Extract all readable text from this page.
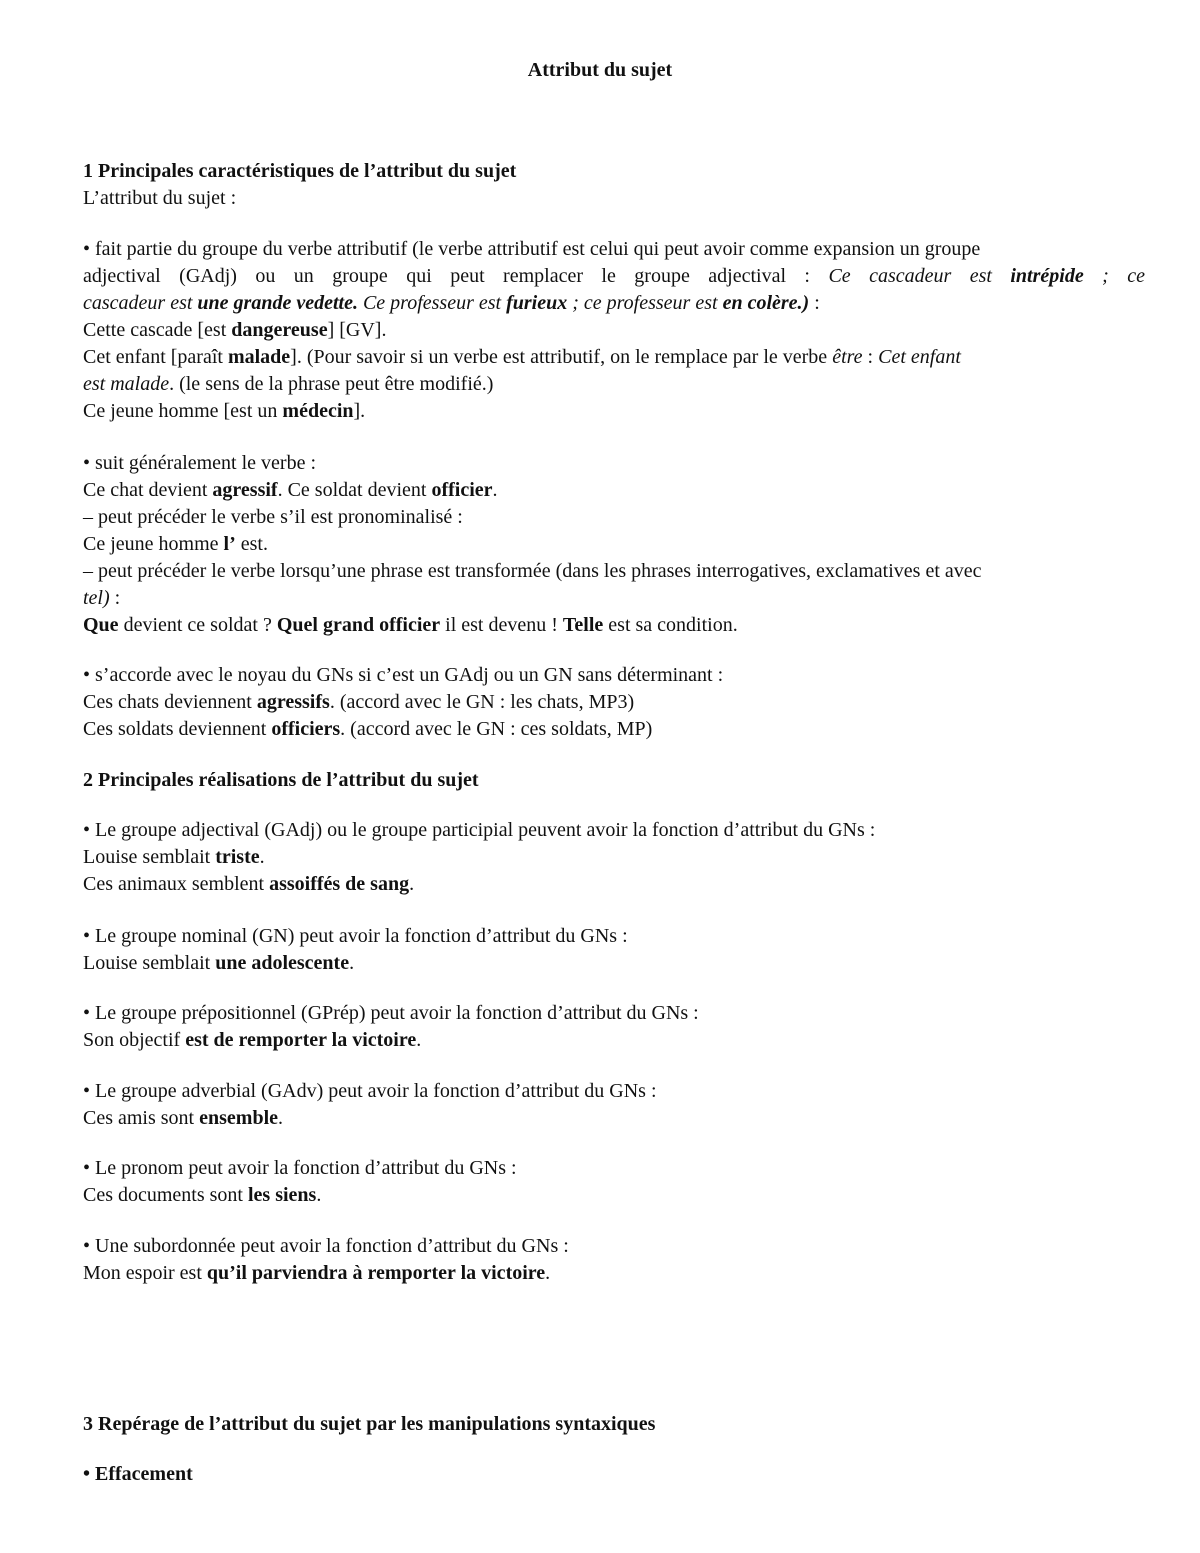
Attribut du sujet
1 Principales caractéristiques de l’attribut du sujet
L’attribut du sujet :
• fait partie du groupe du verbe attributif (le verbe attributif est celui qui peut avoir comme expansion un groupe
adjectival (GAdj) ou un groupe qui peut remplacer le groupe adjectival : Ce cascadeur est intrépide ; ce
cascadeur est une grande vedette. Ce professeur est furieux ; ce professeur est en colère.) :
Cette cascade [est dangereuse] [GV].
Cet enfant [paraît malade]. (Pour savoir si un verbe est attributif, on le remplace par le verbe être : Cet enfant
est malade. (le sens de la phrase peut être modifié.)
Ce jeune homme [est un médecin].
• suit généralement le verbe :
Ce chat devient agressif. Ce soldat devient officier.
– peut précéder le verbe s’il est pronominalisé :
Ce jeune homme l’ est.
– peut précéder le verbe lorsqu’une phrase est transformée (dans les phrases interrogatives, exclamatives et avec
tel) :
Que devient ce soldat ? Quel grand officier il est devenu ! Telle est sa condition.
• s’accorde avec le noyau du GNs si c’est un GAdj ou un GN sans déterminant :
Ces chats deviennent agressifs. (accord avec le GN : les chats, MP3)
Ces soldats deviennent officiers. (accord avec le GN : ces soldats, MP)
2 Principales réalisations de l’attribut du sujet
• Le groupe adjectival (GAdj) ou le groupe participial peuvent avoir la fonction d’attribut du GNs :
Louise semblait triste.
Ces animaux semblent assoiffés de sang.
• Le groupe nominal (GN) peut avoir la fonction d’attribut du GNs :
Louise semblait une adolescente.
• Le groupe prépositionnel (GPrép) peut avoir la fonction d’attribut du GNs :
Son objectif est de remporter la victoire.
• Le groupe adverbial (GAdv) peut avoir la fonction d’attribut du GNs :
Ces amis sont ensemble.
• Le pronom peut avoir la fonction d’attribut du GNs :
Ces documents sont les siens.
• Une subordonnée peut avoir la fonction d’attribut du GNs :
Mon espoir est qu’il parviendra à remporter la victoire.
3 Repérage de l’attribut du sujet par les manipulations syntaxiques
• Effacement
